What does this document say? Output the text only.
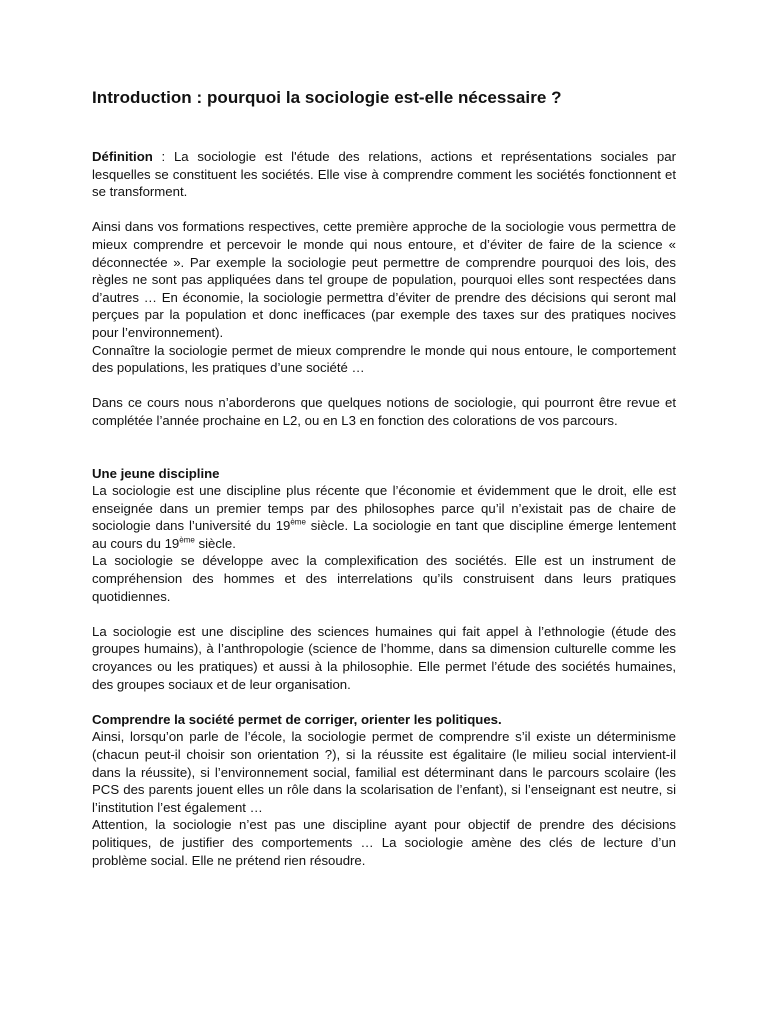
Introduction : pourquoi la sociologie est-elle nécessaire ?

Définition : La sociologie est l'étude des relations, actions et représentations sociales par lesquelles se constituent les sociétés. Elle vise à comprendre comment les sociétés fonctionnent et se transforment.

Ainsi dans vos formations respectives, cette première approche de la sociologie vous permettra de mieux comprendre et percevoir le monde qui nous entoure, et d’éviter de faire de la science « déconnectée ». Par exemple la sociologie peut permettre de comprendre pourquoi des lois, des règles ne sont pas appliquées dans tel groupe de population, pourquoi elles sont respectées dans d’autres … En économie, la sociologie permettra d’éviter de prendre des décisions qui seront mal perçues par la population et donc inefficaces (par exemple des taxes sur des pratiques nocives pour l’environnement).

Connaître la sociologie permet de mieux comprendre le monde qui nous entoure, le comportement des populations, les pratiques d’une société …

Dans ce cours nous n’aborderons que quelques notions de sociologie, qui pourront être revue et complétée l’année prochaine en L2, ou en L3 en fonction des colorations de vos parcours.

Une jeune discipline

La sociologie est une discipline plus récente que l’économie et évidemment que le droit, elle est enseignée dans un premier temps par des philosophes parce qu’il n’existait pas de chaire de sociologie dans l’université du 19ème siècle. La sociologie en tant que discipline émerge lentement au cours du 19ème siècle.

La sociologie se développe avec la complexification des sociétés. Elle est un instrument de compréhension des hommes et des interrelations qu’ils construisent dans leurs pratiques quotidiennes.

La sociologie est une discipline des sciences humaines qui fait appel à l’ethnologie (étude des groupes humains), à l’anthropologie (science de l’homme, dans sa dimension culturelle comme les croyances ou les pratiques) et aussi à la philosophie. Elle permet l’étude des sociétés humaines, des groupes sociaux et de leur organisation.

Comprendre la société permet de corriger, orienter les politiques.

Ainsi, lorsqu’on parle de l’école, la sociologie permet de comprendre s’il existe un déterminisme (chacun peut-il choisir son orientation ?), si la réussite est égalitaire (le milieu social intervient-il dans la réussite), si l’environnement social, familial est déterminant dans le parcours scolaire (les PCS des parents jouent elles un rôle dans la scolarisation de l’enfant), si l’enseignant est neutre, si l’institution l’est également …

Attention, la sociologie n’est pas une discipline ayant pour objectif de prendre des décisions politiques, de justifier des comportements … La sociologie amène des clés de lecture d’un problème social. Elle ne prétend rien résoudre.
